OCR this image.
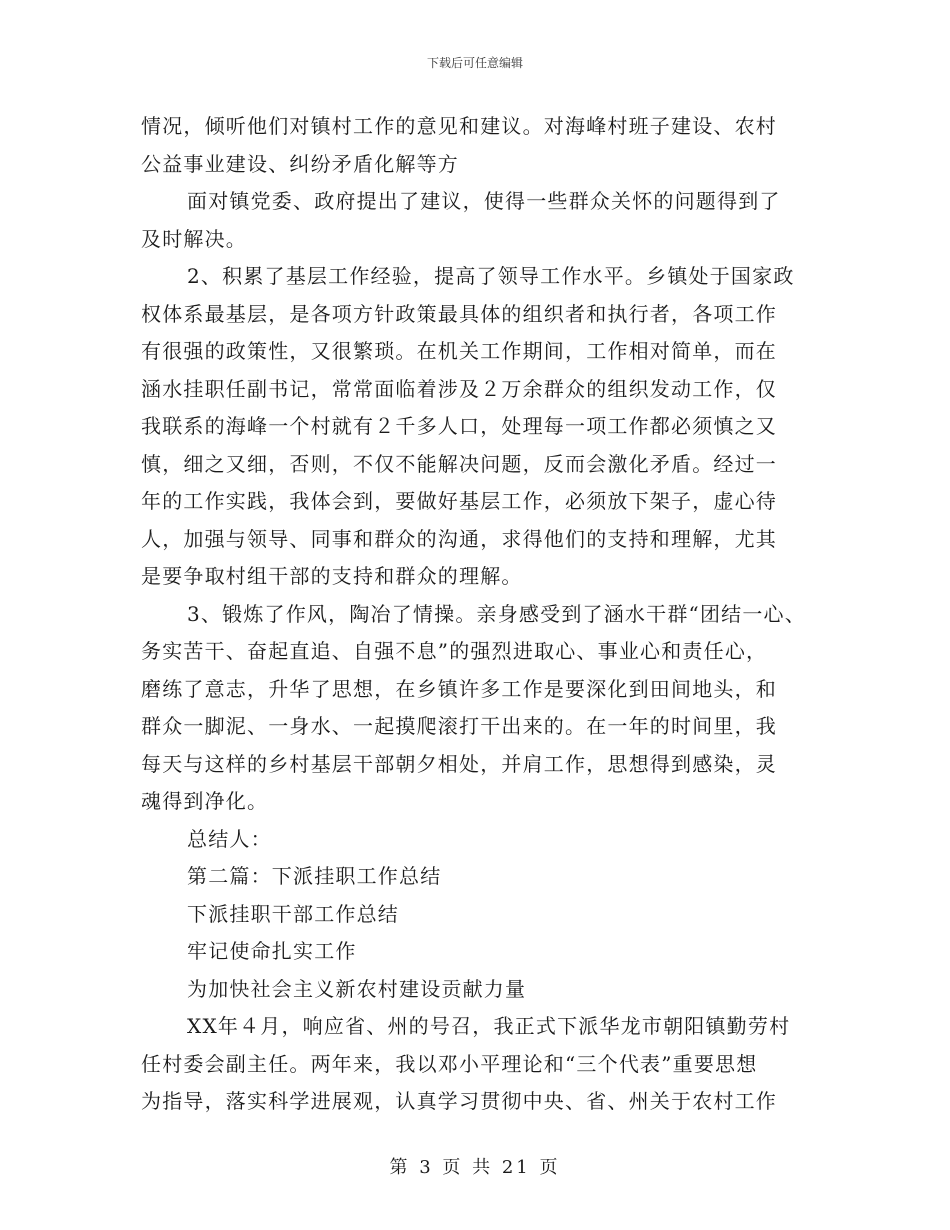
下载后可任意编辑
情况，倾听他们对镇村工作的意见和建议。对海峰村班子建设、农村
公益事业建设、纠纷矛盾化解等方
面对镇党委、政府提出了建议，使得一些群众关怀的问题得到了
及时解决。
2、积累了基层工作经验，提高了领导工作水平。乡镇处于国家政
权体系最基层，是各项方针政策最具体的组织者和执行者，各项工作
有很强的政策性，又很繁琐。在机关工作期间，工作相对简单，而在
涵水挂职任副书记，常常面临着涉及２万余群众的组织发动工作，仅
我联系的海峰一个村就有２千多人口，处理每一项工作都必须慎之又
慎，细之又细，否则，不仅不能解决问题，反而会激化矛盾。经过一
年的工作实践，我体会到，要做好基层工作，必须放下架子，虚心待
人，加强与领导、同事和群众的沟通，求得他们的支持和理解，尤其
是要争取村组干部的支持和群众的理解。
3、锻炼了作风，陶冶了情操。亲身感受到了涵水干群“团结一心、
务实苦干、奋起直追、自强不息”的强烈进取心、事业心和责任心，
磨练了意志，升华了思想，在乡镇许多工作是要深化到田间地头，和
群众一脚泥、一身水、一起摸爬滚打干出来的。在一年的时间里，我
每天与这样的乡村基层干部朝夕相处，并肩工作，思想得到感染，灵
魂得到净化。
总结人：
第二篇：下派挂职工作总结
下派挂职干部工作总结
牢记使命扎实工作
为加快社会主义新农村建设贡献力量
XX年４月，响应省、州的号召，我正式下派华龙市朝阳镇勤劳村
任村委会副主任。两年来，我以邓小平理论和“三个代表”重要思想
为指导，落实科学进展观，认真学习贯彻中央、省、州关于农村工作
第 3 页 共 21 页
